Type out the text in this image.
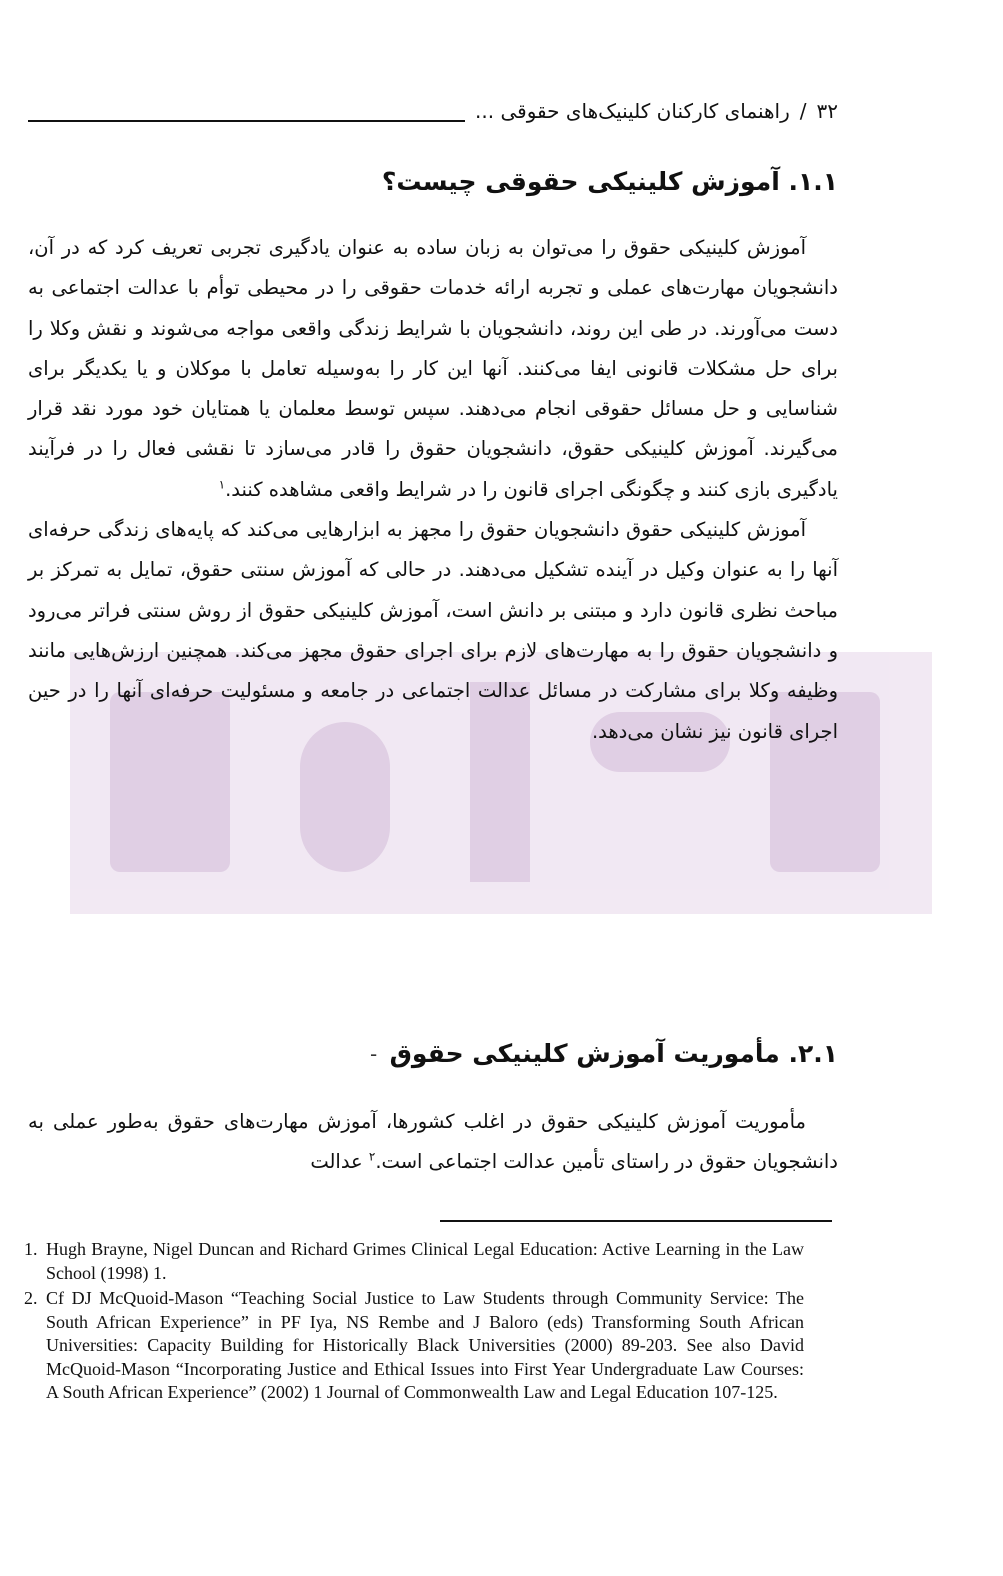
۳۲
/
راهنمای کارکنان کلینیک‌های حقوقی ...
۱.۱. آموزش کلینیکی حقوقی چیست؟

آموزش کلینیکی حقوق را می‌توان به زبان ساده به عنوان یادگیری تجربی تعریف کرد که در آن، دانشجویان مهارت‌های عملی و تجربه ارائه خدمات حقوقی را در محیطی توأم با عدالت اجتماعی به دست می‌آورند. در طی این روند، دانشجویان با شرایط زندگی واقعی مواجه می‌شوند و نقش وکلا را برای حل مشکلات قانونی ایفا می‌کنند. آنها این کار را به‌وسیله تعامل با موکلان و یا یکدیگر برای شناسایی و حل مسائل حقوقی انجام می‌دهند. سپس توسط معلمان یا همتایان خود مورد نقد قرار می‌گیرند. آموزش کلینیکی حقوق، دانشجویان حقوق را قادر می‌سازد تا نقشی فعال را در فرآیند یادگیری بازی کنند و چگونگی اجرای قانون را در شرایط واقعی مشاهده کنند.$^۱$

آموزش کلینیکی حقوق دانشجویان حقوق را مجهز به ابزارهایی می‌کند که پایه‌های زندگی حرفه‌ای آنها را به عنوان وکیل در آینده تشکیل می‌دهند. در حالی که آموزش سنتی حقوق، تمایل به تمرکز بر مباحث نظری قانون دارد و مبتنی بر دانش است، آموزش کلینیکی حقوق از روش سنتی فراتر می‌رود و دانشجویان حقوق را به مهارت‌های لازم برای اجرای حقوق مجهز می‌کند. همچنین ارزش‌هایی مانند وظیفه وکلا برای مشارکت در مسائل عدالت اجتماعی در جامعه و مسئولیت حرفه‌ای آنها را در حین اجرای قانون نیز نشان می‌دهد.

۲.۱. مأموریت آموزش کلینیکی حقوق

مأموریت آموزش کلینیکی حقوق در اغلب کشورها، آموزش مهارت‌های حقوق به‌طور عملی به دانشجویان حقوق در راستای تأمین عدالت اجتماعی است.$^۲$ عدالت

-
1. Hugh Brayne, Nigel Duncan and Richard Grimes Clinical Legal Education: Active Learning in the Law School (1998) 1.
2. Cf DJ McQuoid-Mason “Teaching Social Justice to Law Students through Community Service: The South African Experience” in PF Iya, NS Rembe and J Baloro (eds) Transforming South African Universities: Capacity Building for Historically Black Universities (2000) 89-203. See also David McQuoid-Mason “Incorporating Justice and Ethical Issues into First Year Undergraduate Law Courses: A South African Experience” (2002) 1 Journal of Commonwealth Law and Legal Education 107-125.
